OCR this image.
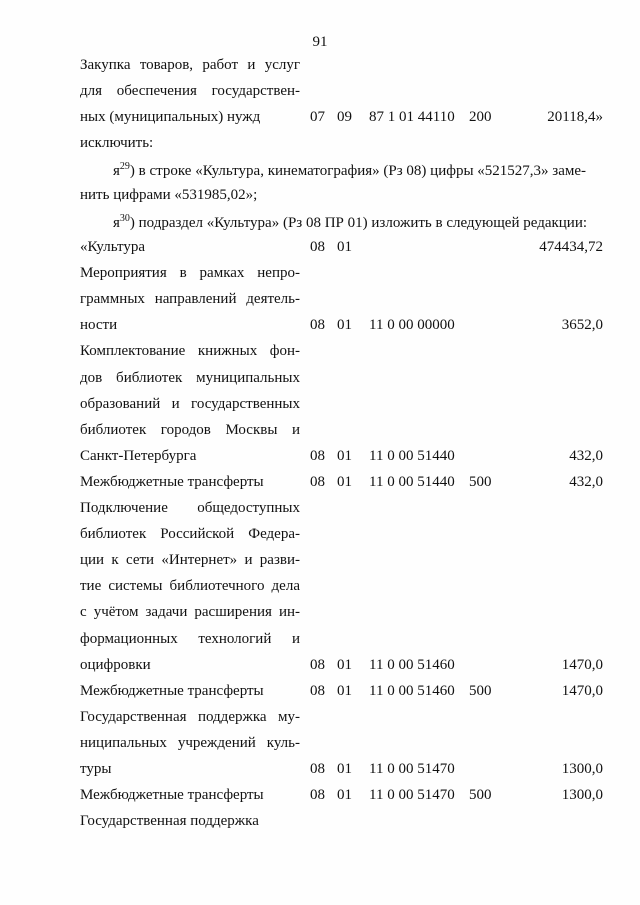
91
Закупка товаров, работ и услуг
для обеспечения государствен-
ных (муниципальных) нужд	07 09 87 1 01 44110 200	20118,4»
исключить:
$я^{29}$) в строке «Культура, кинематография» (Рз 08) цифры «521527,3» заме-
нить цифрами «531985,02»;
$я^{30}$) подраздел «Культура» (Рз 08 ПР 01) изложить в следующей редакции:
«Культура	08 01	474434,72
Мероприятия в рамках непро-
граммных направлений деятель-
ности	08 01 11 0 00 00000	3652,0
Комплектование книжных фон-
дов библиотек муниципальных
образований и государственных
библиотек городов Москвы и
Санкт-Петербурга	08 01 11 0 00 51440	432,0
Межбюджетные трансферты	08 01 11 0 00 51440 500	432,0
Подключение общедоступных
библиотек Российской Федера-
ции к сети «Интернет» и разви-
тие системы библиотечного дела
с учётом задачи расширения ин-
формационных технологий и
оцифровки	08 01 11 0 00 51460	1470,0
Межбюджетные трансферты	08 01 11 0 00 51460 500	1470,0
Государственная поддержка му-
ниципальных учреждений куль-
туры	08 01 11 0 00 51470	1300,0
Межбюджетные трансферты	08 01 11 0 00 51470 500	1300,0
Государственная поддержка
